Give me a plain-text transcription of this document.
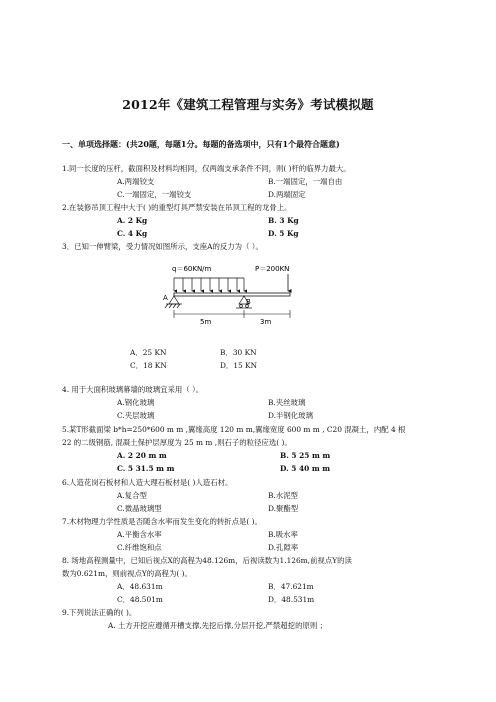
2012年《建筑工程管理与实务》考试模拟题
一、单项选择题：(共20题，每题1分。每题的备选项中，只有1个最符合题意)
1.同一长度的压杆，截面积及材料均相同，仅两端支承条件不同，则( )杆的临界力最大。
A.两端铰支	B.一端固定，一端自由
C.一端固定，一端铰支	D.两端固定
2.在装修吊顶工程中大于( )的重型灯具严禁安装在吊顶工程的龙骨上。
A. 2 Kg	B. 3 Kg
C. 4 Kg	D. 5 Kg
3．已知一伸臂梁，受力情况如图所示，支座A的反力为（ ）。
q＝60KN/m	P＝200KN
A	B
5m	3m
A．25 KN	B．30 KN
C．18 KN	D．15 KN
4. 用于大面积玻璃幕墙的玻璃宜采用（ ）。
A.钢化玻璃	B.夹丝玻璃
C.夹层玻璃	D.半钢化玻璃
5.某T形截面梁 b*h=250*600 m m ,翼缘高度 120 m m,翼缘宽度 600 m m , C20 混凝土，内配 4 根
22 的二级钢筋, 混凝土保护层厚度为 25 m m ,则石子的粒径应选( )。
A. 2 20 m m	B. 5 25 m m
C. 5 31.5 m m	D. 5 40 m m
6.人造花岗石板材和人造大理石板材是( )人造石材。
A.复合型	B.水泥型
C.微晶玻璃型	D.聚酯型
7.木材物理力学性质是否随含水率而发生变化的转折点是( )。
A.平衡含水率	B.吸水率
C.纤维饱和点	D.孔隙率
8. 场地高程测量中，已知后视点X的高程为48.126m，后视读数为1.126m,前视点Y的读
数为0.621m，则前视点Y的高程为( )。
A．48.631m	B．47.621m
C．48.501m	D．48.531m
9.下列说法正确的( )。
A. 土方开挖应遵循开槽支撑,先挖后撑,分层开挖,严禁超挖的原则 ；
